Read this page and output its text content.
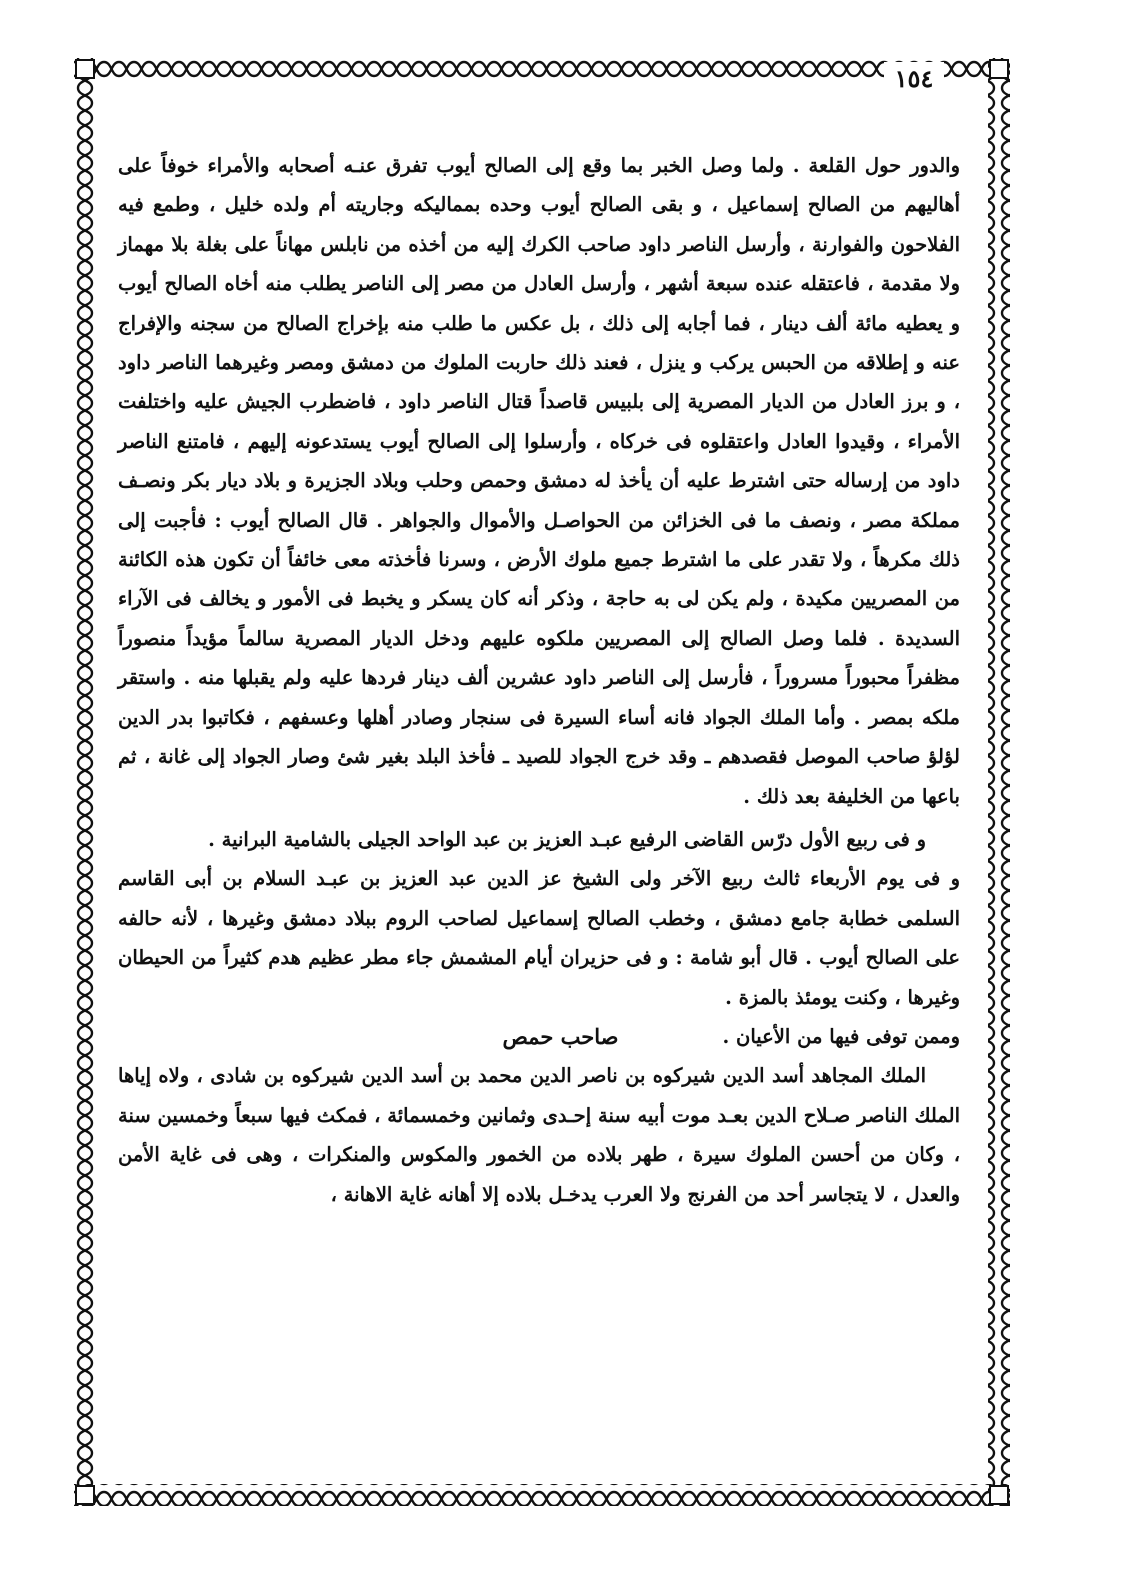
١٥٤

والدور حول القلعة . ولما وصل الخبر بما وقع إلى الصالح أيوب تفرق عنـه أصحابه والأمراء خوفاً على أهاليهم من الصالح إسماعيل ، و بقى الصالح أيوب وحده بمماليكه وجاريته أم ولده خليل ، وطمع فيه الفلاحون والفوارنة ، وأرسل الناصر داود صاحب الكرك إليه من أخذه من نابلس مهاناً على بغلة بلا مهماز ولا مقدمة ، فاعتقله عنده سبعة أشهر ، وأرسل العادل من مصر إلى الناصر يطلب منه أخاه الصالح أيوب و يعطيه مائة ألف دينار ، فما أجابه إلى ذلك ، بل عكس ما طلب منه بإخراج الصالح من سجنه والإفراج عنه و إطلاقه من الحبس يركب و ينزل ، فعند ذلك حاربت الملوك من دمشق ومصر وغيرهما الناصر داود ، و برز العادل من الديار المصرية إلى بلبيس قاصداً قتال الناصر داود ، فاضطرب الجيش عليه واختلفت الأمراء ، وقيدوا العادل واعتقلوه فى خركاه ، وأرسلوا إلى الصالح أيوب يستدعونه إليهم ، فامتنع الناصر داود من إرساله حتى اشترط عليه أن يأخذ له دمشق وحمص وحلب وبلاد الجزيرة و بلاد ديار بكر ونصـف مملكة مصر ، ونصف ما فى الخزائن من الحواصـل والأموال والجواهر . قال الصالح أيوب : فأجبت إلى ذلك مكرهاً ، ولا تقدر على ما اشترط جميع ملوك الأرض ، وسرنا فأخذته معى خائفاً أن تكون هذه الكائنة من المصريين مكيدة ، ولم يكن لى به حاجة ، وذكر أنه كان يسكر و يخبط فى الأمور و يخالف فى الآراء السديدة . فلما وصل الصالح إلى المصريين ملكوه عليهم ودخل الديار المصرية سالماً مؤيداً منصوراً مظفراً محبوراً مسروراً ، فأرسل إلى الناصر داود عشرين ألف دينار فردها عليه ولم يقبلها منه . واستقر ملكه بمصر . وأما الملك الجواد فانه أساء السيرة فى سنجار وصادر أهلها وعسفهم ، فكاتبوا بدر الدين لؤلؤ صاحب الموصل فقصدهم ـ وقد خرج الجواد للصيد ـ فأخذ البلد بغير شئ وصار الجواد إلى غانة ، ثم باعها من الخليفة بعد ذلك .

و فى ربيع الأول درّس القاضى الرفيع عبـد العزيز بن عبد الواحد الجيلى بالشامية البرانية .

و فى يوم الأربعاء ثالث ربيع الآخر ولى الشيخ عز الدين عبد العزيز بن عبـد السلام بن أبى القاسم السلمى خطابة جامع دمشق ، وخطب الصالح إسماعيل لصاحب الروم ببلاد دمشق وغيرها ، لأنه حالفه على الصالح أيوب . قال أبو شامة : و فى حزيران أيام المشمش جاء مطر عظيم هدم كثيراً من الحيطان وغيرها ، وكنت يومئذ بالمزة .

وممن توفى فيها من الأعيان .
صاحب حمص

الملك المجاهد أسد الدين شيركوه بن ناصر الدين محمد بن أسد الدين شيركوه بن شادى ، ولاه إياها الملك الناصر صـلاح الدين بعـد موت أبيه سنة إحـدى وثمانين وخمسمائة ، فمكث فيها سبعاً وخمسين سنة ، وكان من أحسن الملوك سيرة ، طهر بلاده من الخمور والمكوس والمنكرات ، وهى فى غاية الأمن والعدل ، لا يتجاسر أحد من الفرنج ولا العرب يدخـل بلاده إلا أهانه غاية الاهانة ،
